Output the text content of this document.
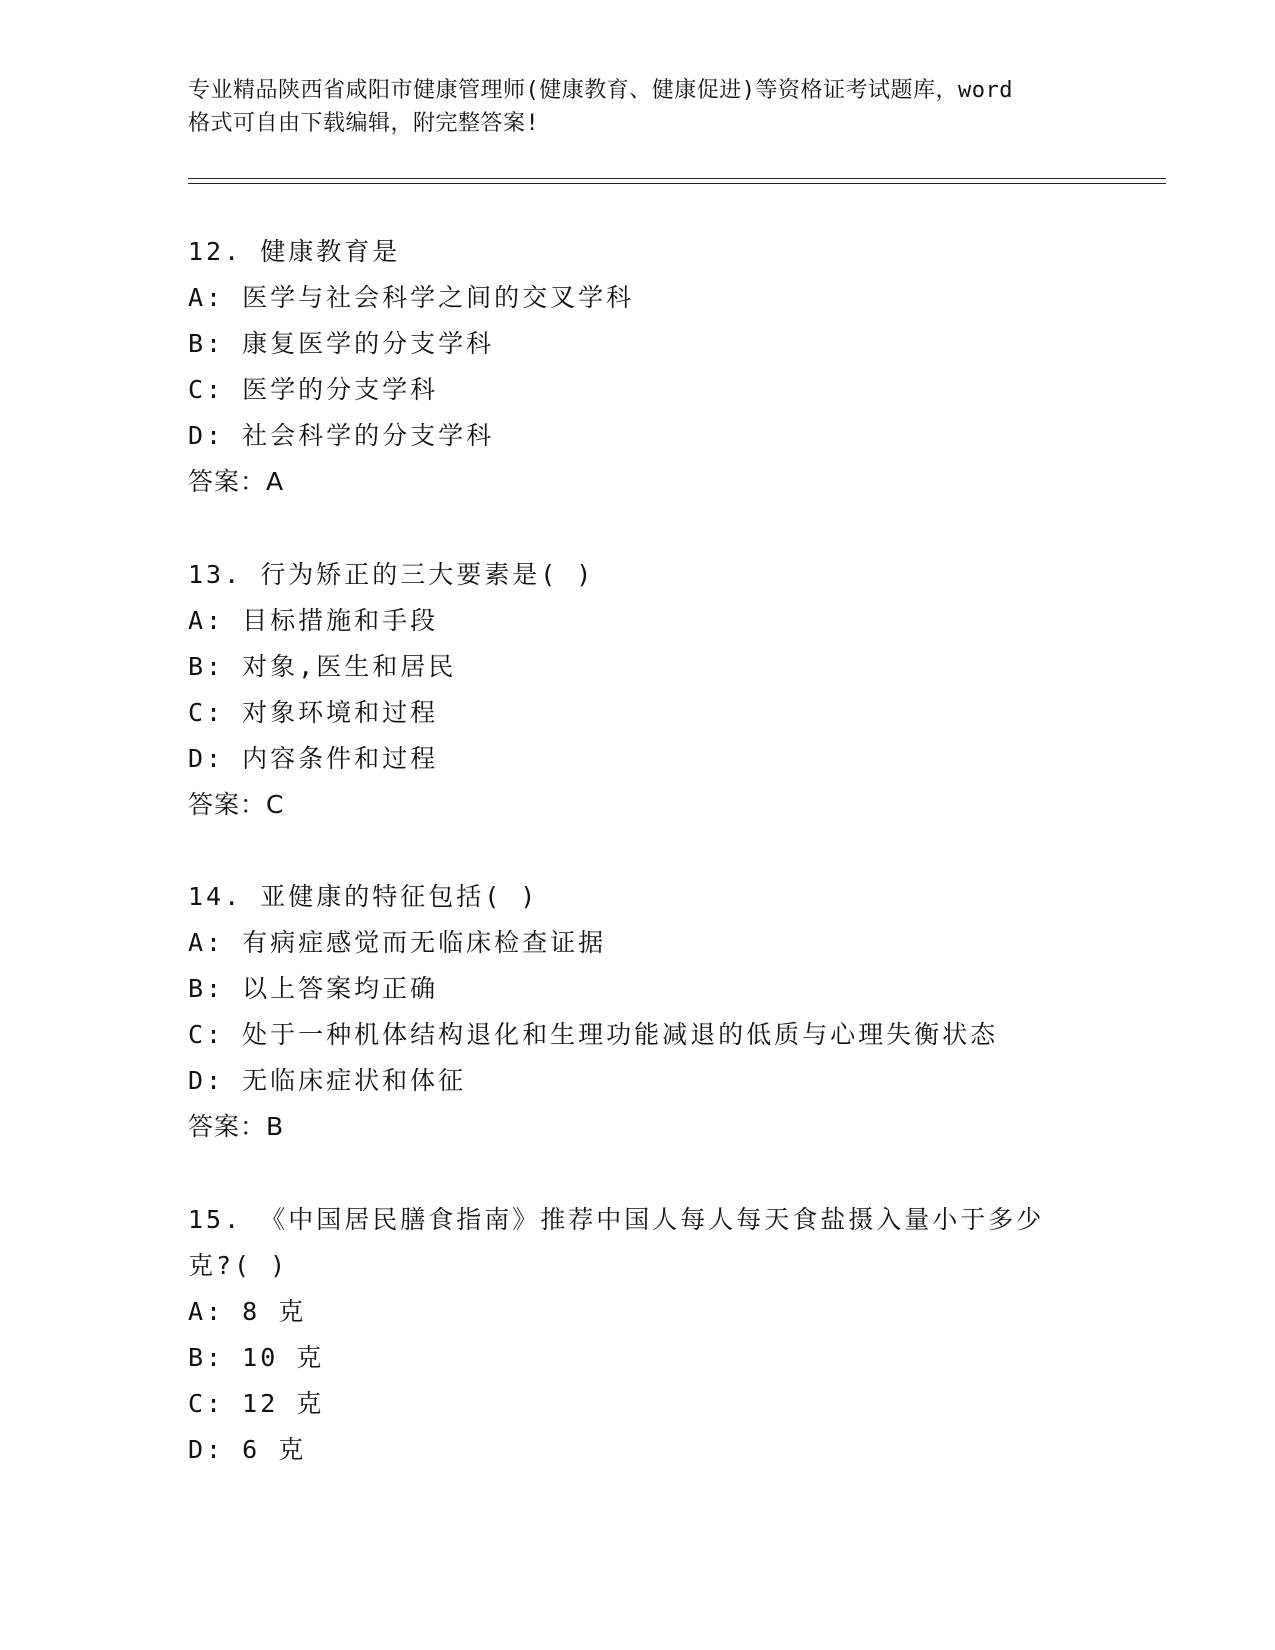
专业精品陕西省咸阳市健康管理师(健康教育、健康促进)等资格证考试题库，word
格式可自由下载编辑，附完整答案!
12. 健康教育是
A: 医学与社会科学之间的交叉学科
B: 康复医学的分支学科
C: 医学的分支学科
D: 社会科学的分支学科
答案：A
13. 行为矫正的三大要素是( )
A: 目标措施和手段
B: 对象,医生和居民
C: 对象环境和过程
D: 内容条件和过程
答案：C
14. 亚健康的特征包括( )
A: 有病症感觉而无临床检查证据
B: 以上答案均正确
C: 处于一种机体结构退化和生理功能减退的低质与心理失衡状态
D: 无临床症状和体征
答案：B
15. 《中国居民膳食指南》推荐中国人每人每天食盐摄入量小于多少
克?( )
A: 8 克
B: 10 克
C: 12 克
D: 6 克
